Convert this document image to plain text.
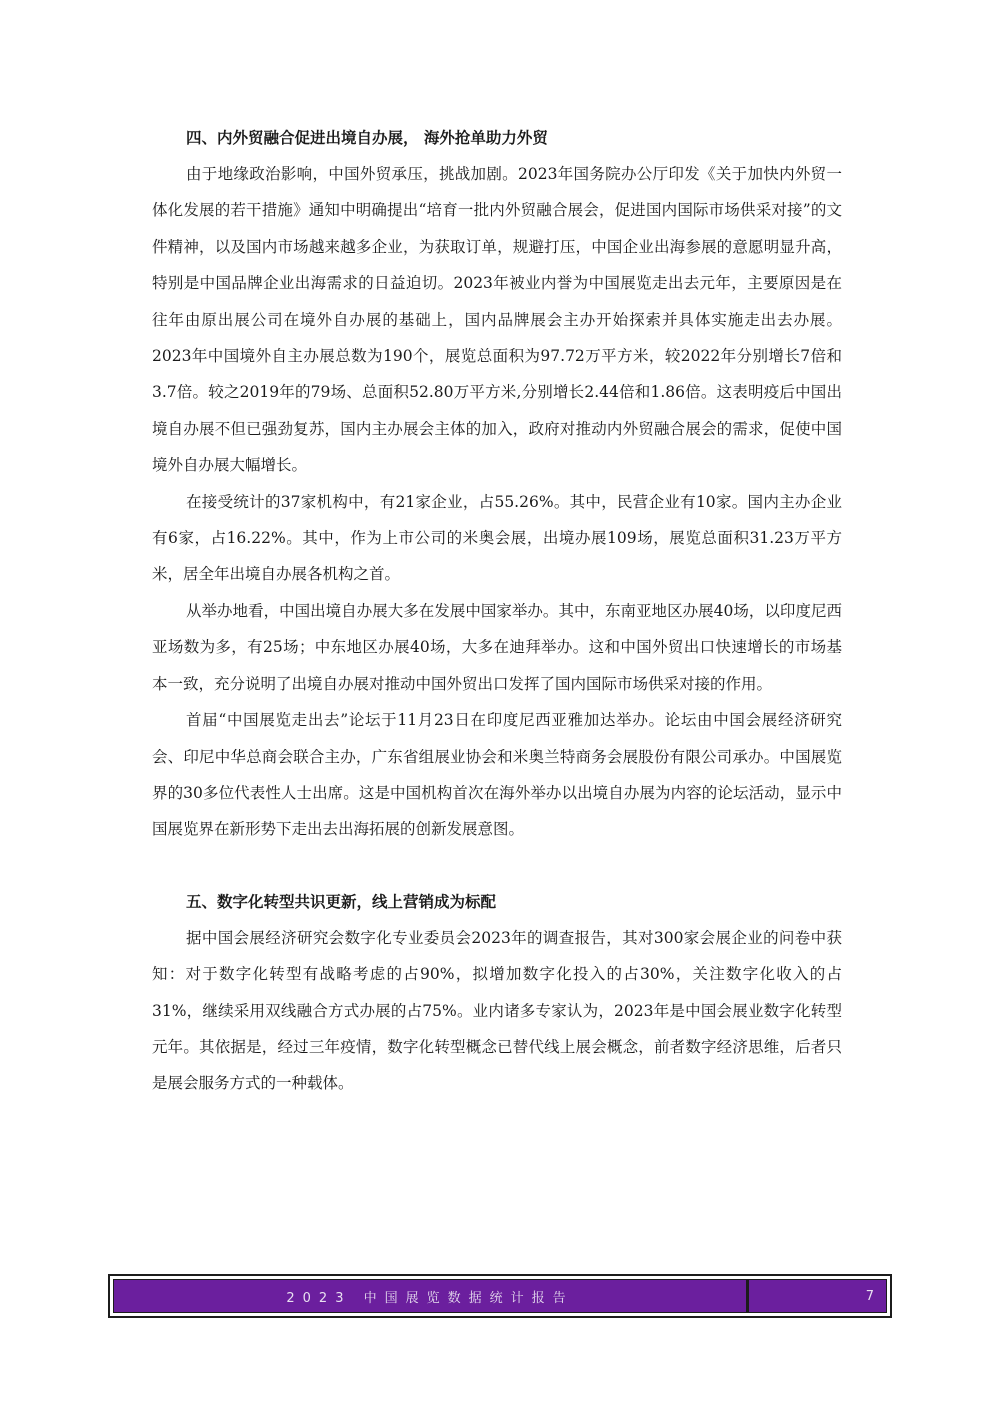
四、内外贸融合促进出境自办展， 海外抢单助力外贸

由于地缘政治影响，中国外贸承压，挑战加剧。2023年国务院办公厅印发《关于加快内外贸一体化发展的若干措施》通知中明确提出“培育一批内外贸融合展会，促进国内国际市场供采对接”的文件精神，以及国内市场越来越多企业，为获取订单，规避打压，中国企业出海参展的意愿明显升高，特别是中国品牌企业出海需求的日益迫切。2023年被业内誉为中国展览走出去元年，主要原因是在往年由原出展公司在境外自办展的基础上，国内品牌展会主办开始探索并具体实施走出去办展。2023年中国境外自主办展总数为190个，展览总面积为97.72万平方米，较2022年分别增长7倍和3.7倍。较之2019年的79场、总面积52.80万平方米,分别增长2.44倍和1.86倍。这表明疫后中国出境自办展不但已强劲复苏，国内主办展会主体的加入，政府对推动内外贸融合展会的需求，促使中国境外自办展大幅增长。

在接受统计的37家机构中，有21家企业，占55.26%。其中，民营企业有10家。国内主办企业有6家，占16.22%。其中，作为上市公司的米奥会展，出境办展109场，展览总面积31.23万平方米，居全年出境自办展各机构之首。

从举办地看，中国出境自办展大多在发展中国家举办。其中，东南亚地区办展40场，以印度尼西亚场数为多，有25场；中东地区办展40场，大多在迪拜举办。这和中国外贸出口快速增长的市场基本一致，充分说明了出境自办展对推动中国外贸出口发挥了国内国际市场供采对接的作用。

首届“中国展览走出去”论坛于11月23日在印度尼西亚雅加达举办。论坛由中国会展经济研究会、印尼中华总商会联合主办，广东省组展业协会和米奥兰特商务会展股份有限公司承办。中国展览界的30多位代表性人士出席。这是中国机构首次在海外举办以出境自办展为内容的论坛活动，显示中国展览界在新形势下走出去出海拓展的创新发展意图。

五、数字化转型共识更新，线上营销成为标配

据中国会展经济研究会数字化专业委员会2023年的调查报告，其对300家会展企业的问卷中获知：对于数字化转型有战略考虑的占90%，拟增加数字化投入的占30%，关注数字化收入的占31%，继续采用双线融合方式办展的占75%。业内诸多专家认为，2023年是中国会展业数字化转型元年。其依据是，经过三年疫情，数字化转型概念已替代线上展会概念，前者数字经济思维，后者只是展会服务方式的一种载体。

2023 中国展览数据统计报告	7
